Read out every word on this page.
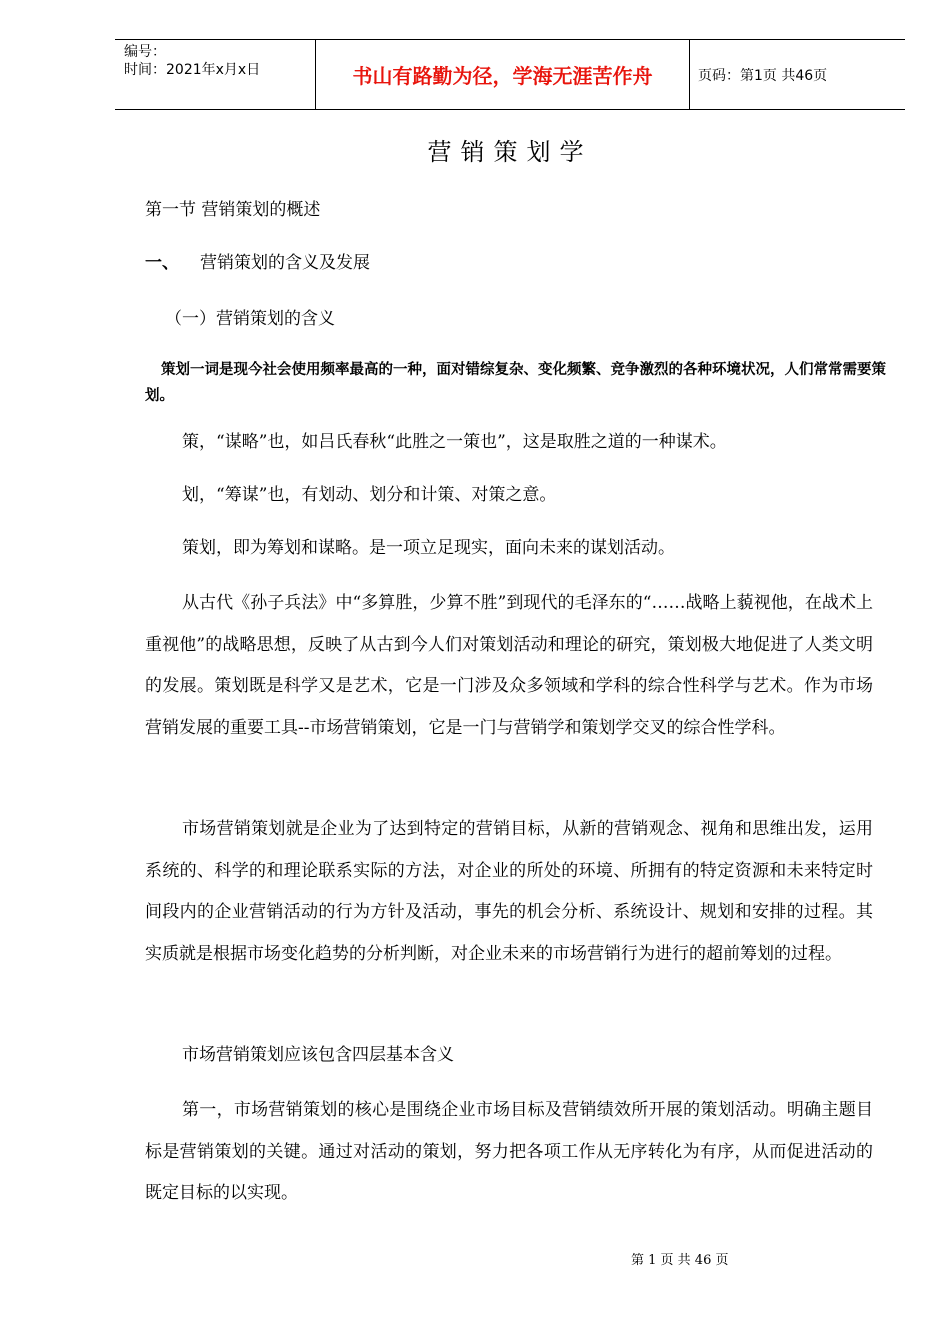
编号：
时间：2021年x月x日	书山有路勤为径，学海无涯苦作舟	页码：第1页 共46页
营销策划学
第一节 营销策划的概述
一、 营销策划的含义及发展
（一）营销策划的含义
策划一词是现今社会使用频率最高的一种，面对错综复杂、变化频繁、竞争激烈的各种环境状况，人们常常需要策划。
策，“谋略”也，如吕氏春秋“此胜之一策也”，这是取胜之道的一种谋术。
划，“筹谋”也，有划动、划分和计策、对策之意。
策划，即为筹划和谋略。是一项立足现实，面向未来的谋划活动。
从古代《孙子兵法》中“多算胜，少算不胜”到现代的毛泽东的“……战略上藐视他，在战术上重视他”的战略思想，反映了从古到今人们对策划活动和理论的研究，策划极大地促进了人类文明的发展。策划既是科学又是艺术，它是一门涉及众多领域和学科的综合性科学与艺术。作为市场营销发展的重要工具--市场营销策划，它是一门与营销学和策划学交叉的综合性学科。
市场营销策划就是企业为了达到特定的营销目标，从新的营销观念、视角和思维出发，运用系统的、科学的和理论联系实际的方法，对企业的所处的环境、所拥有的特定资源和未来特定时间段内的企业营销活动的行为方针及活动，事先的机会分析、系统设计、规划和安排的过程。其实质就是根据市场变化趋势的分析判断，对企业未来的市场营销行为进行的超前筹划的过程。
市场营销策划应该包含四层基本含义
第一，市场营销策划的核心是围绕企业市场目标及营销绩效所开展的策划活动。明确主题目标是营销策划的关键。通过对活动的策划，努力把各项工作从无序转化为有序，从而促进活动的既定目标的以实现。
第 1 页 共 46 页
